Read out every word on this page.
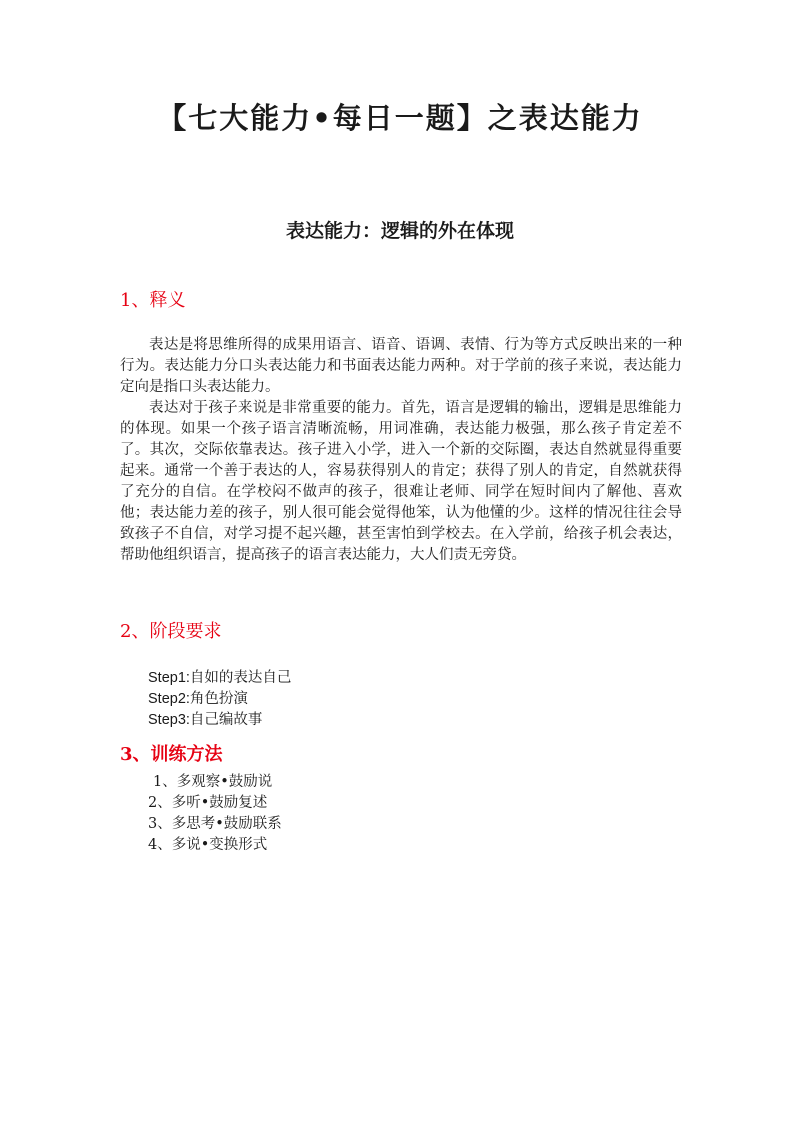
【七大能力•每日一题】之表达能力
表达能力：逻辑的外在体现
1、释义

表达是将思维所得的成果用语言、语音、语调、表情、行为等方式反映出来的一种行为。表达能力分口头表达能力和书面表达能力两种。对于学前的孩子来说，表达能力定向是指口头表达能力。

表达对于孩子来说是非常重要的能力。首先，语言是逻辑的输出，逻辑是思维能力的体现。如果一个孩子语言清晰流畅，用词准确，表达能力极强，那么孩子肯定差不了。其次，交际依靠表达。孩子进入小学，进入一个新的交际圈，表达自然就显得重要起来。通常一个善于表达的人，容易获得别人的肯定；获得了别人的肯定，自然就获得了充分的自信。在学校闷不做声的孩子，很难让老师、同学在短时间内了解他、喜欢他；表达能力差的孩子，别人很可能会觉得他笨，认为他懂的少。这样的情况往往会导致孩子不自信，对学习提不起兴趣，甚至害怕到学校去。在入学前，给孩子机会表达，帮助他组织语言，提高孩子的语言表达能力，大人们责无旁贷。

2、阶段要求
Step1:自如的表达自己
Step2:角色扮演
Step3:自己编故事
3、训练方法
1、多观察•鼓励说
2、多听•鼓励复述
3、多思考•鼓励联系
4、多说•变换形式
